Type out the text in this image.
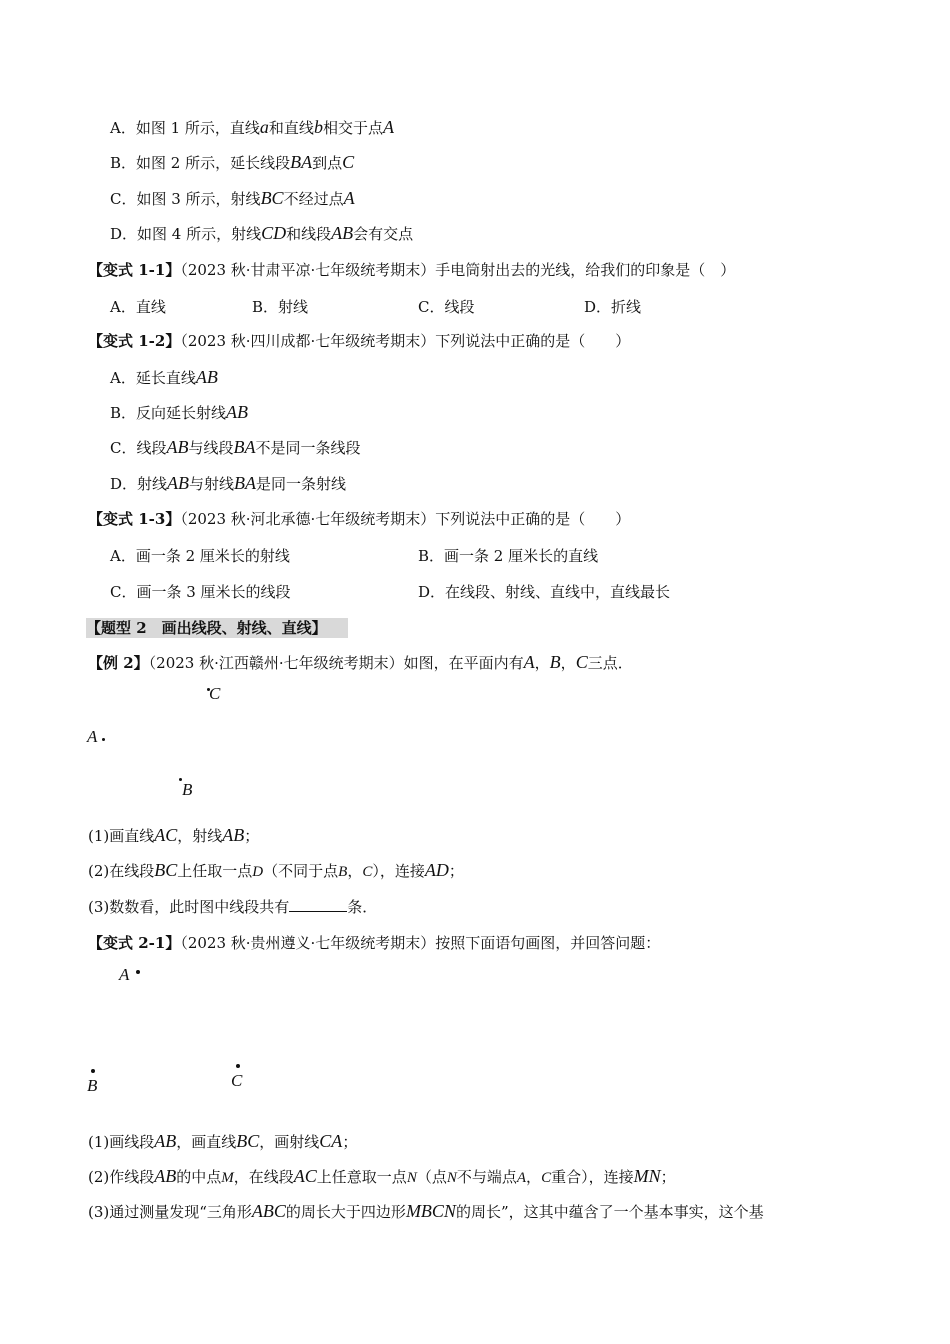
A．如图 1 所示，直线a和直线b相交于点A
B．如图 2 所示，延长线段BA到点C
C．如图 3 所示，射线BC不经过点A
D．如图 4 所示，射线CD和线段AB会有交点
【变式 1-1】（2023 秋·甘肃平凉·七年级统考期末）手电筒射出去的光线，给我们的印象是（　）
A．直线	B．射线	C．线段	D．折线
【变式 1-2】（2023 秋·四川成都·七年级统考期末）下列说法中正确的是（　　）
A．延长直线AB
B．反向延长射线AB
C．线段AB与线段BA不是同一条线段
D．射线AB与射线BA是同一条射线
【变式 1-3】（2023 秋·河北承德·七年级统考期末）下列说法中正确的是（　　）
A．画一条 2 厘米长的射线	B．画一条 2 厘米长的直线
C．画一条 3 厘米长的线段	D．在线段、射线、直线中，直线最长
【题型 2　画出线段、射线、直线】
【例 2】（2023 秋·江西赣州·七年级统考期末）如图，在平面内有A，B，C三点．
C
A
B
(1)画直线AC，射线AB；
(2)在线段BC上任取一点D（不同于点B，C），连接AD；
(3)数数看，此时图中线段共有	条．
【变式 2-1】（2023 秋·贵州遵义·七年级统考期末）按照下面语句画图，并回答问题：
A
B	C
(1)画线段AB，画直线BC，画射线CA；
(2)作线段AB的中点M，在线段AC上任意取一点N（点N不与端点A，C重合），连接MN；
(3)通过测量发现“三角形ABC的周长大于四边形MBCN的周长”，这其中蕴含了一个基本事实，这个基
